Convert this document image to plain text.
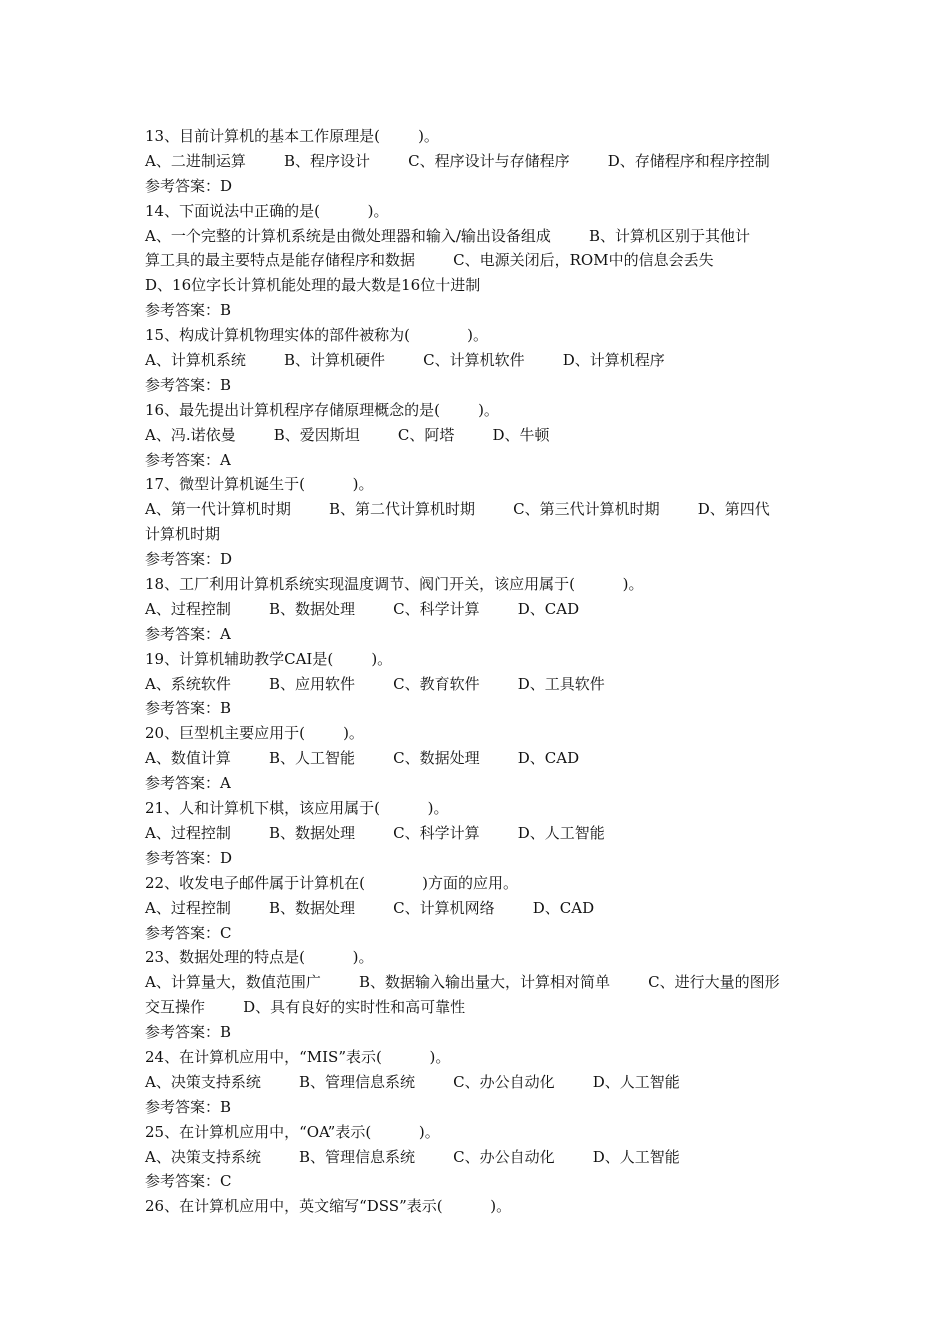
13、目前计算机的基本工作原理是(        )。
A、二进制运算        B、程序设计        C、程序设计与存储程序        D、存储程序和程序控制
参考答案：D
14、下面说法中正确的是(          )。
A、一个完整的计算机系统是由微处理器和输入/输出设备组成        B、计算机区别于其他计
算工具的最主要特点是能存储程序和数据        C、电源关闭后，ROM中的信息会丢失
D、16位字长计算机能处理的最大数是16位十进制
参考答案：B
15、构成计算机物理实体的部件被称为(            )。
A、计算机系统        B、计算机硬件        C、计算机软件        D、计算机程序
参考答案：B
16、最先提出计算机程序存储原理概念的是(        )。
A、冯.诺依曼        B、爱因斯坦        C、阿塔        D、牛顿
参考答案：A
17、微型计算机诞生于(          )。
A、第一代计算机时期        B、第二代计算机时期        C、第三代计算机时期        D、第四代
计算机时期
参考答案：D
18、工厂利用计算机系统实现温度调节、阀门开关，该应用属于(          )。
A、过程控制        B、数据处理        C、科学计算        D、CAD
参考答案：A
19、计算机辅助教学CAI是(        )。
A、系统软件        B、应用软件        C、教育软件        D、工具软件
参考答案：B
20、巨型机主要应用于(        )。
A、数值计算        B、人工智能        C、数据处理        D、CAD
参考答案：A
21、人和计算机下棋，该应用属于(          )。
A、过程控制        B、数据处理        C、科学计算        D、人工智能
参考答案：D
22、收发电子邮件属于计算机在(            )方面的应用。
A、过程控制        B、数据处理        C、计算机网络        D、CAD
参考答案：C
23、数据处理的特点是(          )。
A、计算量大，数值范围广        B、数据输入输出量大，计算相对简单        C、进行大量的图形
交互操作        D、具有良好的实时性和高可靠性
参考答案：B
24、在计算机应用中，“MIS”表示(          )。
A、决策支持系统        B、管理信息系统        C、办公自动化        D、人工智能
参考答案：B
25、在计算机应用中，“OA”表示(          )。
A、决策支持系统        B、管理信息系统        C、办公自动化        D、人工智能
参考答案：C
26、在计算机应用中，英文缩写“DSS”表示(          )。
